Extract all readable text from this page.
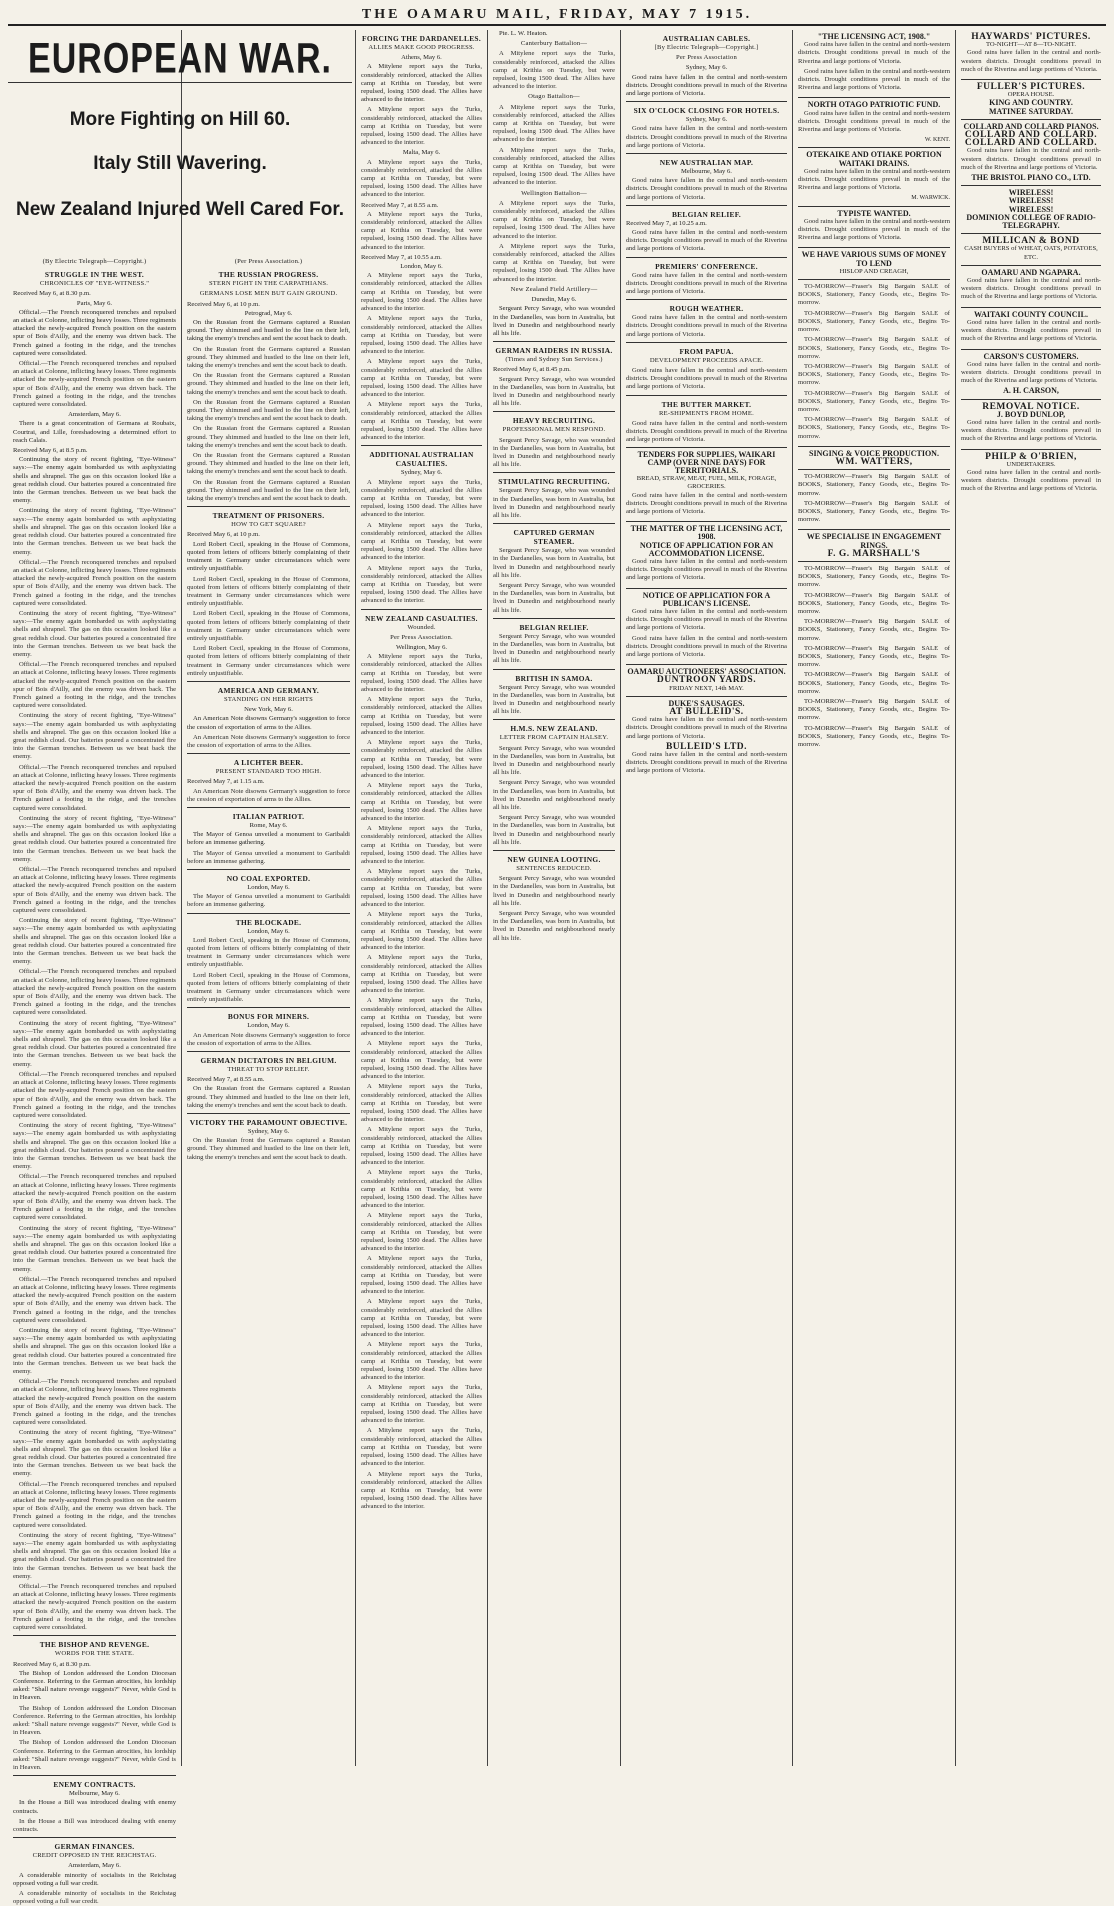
THE OAMARU MAIL, FRIDAY, MAY 7 1915.
EUROPEAN WAR.
More Fighting on Hill 60.
Italy Still Wavering.
New Zealand Injured Well Cared For.
(By Electric Telegraph—Copyright.)
STRUGGLE IN THE WEST.
CHRONICLES OF "EYE-WITNESS."
Received May 6, at 8.30 p.m.
Paris, May 6.

Official.—The French reconquered trenches and repulsed an attack at Colonne, inflicting heavy losses. Three regiments attacked the newly-acquired French position on the eastern spur of Bois d'Ailly, and the enemy was driven back. The French gained a footing in the ridge, and the trenches captured were consolidated.

Official.—The French reconquered trenches and repulsed an attack at Colonne, inflicting heavy losses. Three regiments attacked the newly-acquired French position on the eastern spur of Bois d'Ailly, and the enemy was driven back. The French gained a footing in the ridge, and the trenches captured were consolidated.

Amsterdam, May 6.

There is a great concentration of Germans at Roubaix, Courtrai, and Lille, foreshadowing a determined effort to reach Calais.

Received May 6, at 8.5 p.m.

Continuing the story of recent fighting, "Eye-Witness" says:—The enemy again bombarded us with asphyxiating shells and shrapnel. The gas on this occasion looked like a great reddish cloud. Our batteries poured a concentrated fire into the German trenches. Between us we beat back the enemy.

Continuing the story of recent fighting, "Eye-Witness" says:—The enemy again bombarded us with asphyxiating shells and shrapnel. The gas on this occasion looked like a great reddish cloud. Our batteries poured a concentrated fire into the German trenches. Between us we beat back the enemy.

Official.—The French reconquered trenches and repulsed an attack at Colonne, inflicting heavy losses. Three regiments attacked the newly-acquired French position on the eastern spur of Bois d'Ailly, and the enemy was driven back. The French gained a footing in the ridge, and the trenches captured were consolidated.

Continuing the story of recent fighting, "Eye-Witness" says:—The enemy again bombarded us with asphyxiating shells and shrapnel. The gas on this occasion looked like a great reddish cloud. Our batteries poured a concentrated fire into the German trenches. Between us we beat back the enemy.

Official.—The French reconquered trenches and repulsed an attack at Colonne, inflicting heavy losses. Three regiments attacked the newly-acquired French position on the eastern spur of Bois d'Ailly, and the enemy was driven back. The French gained a footing in the ridge, and the trenches captured were consolidated.

Continuing the story of recent fighting, "Eye-Witness" says:—The enemy again bombarded us with asphyxiating shells and shrapnel. The gas on this occasion looked like a great reddish cloud. Our batteries poured a concentrated fire into the German trenches. Between us we beat back the enemy.

Official.—The French reconquered trenches and repulsed an attack at Colonne, inflicting heavy losses. Three regiments attacked the newly-acquired French position on the eastern spur of Bois d'Ailly, and the enemy was driven back. The French gained a footing in the ridge, and the trenches captured were consolidated.

Continuing the story of recent fighting, "Eye-Witness" says:—The enemy again bombarded us with asphyxiating shells and shrapnel. The gas on this occasion looked like a great reddish cloud. Our batteries poured a concentrated fire into the German trenches. Between us we beat back the enemy.

Official.—The French reconquered trenches and repulsed an attack at Colonne, inflicting heavy losses. Three regiments attacked the newly-acquired French position on the eastern spur of Bois d'Ailly, and the enemy was driven back. The French gained a footing in the ridge, and the trenches captured were consolidated.

Continuing the story of recent fighting, "Eye-Witness" says:—The enemy again bombarded us with asphyxiating shells and shrapnel. The gas on this occasion looked like a great reddish cloud. Our batteries poured a concentrated fire into the German trenches. Between us we beat back the enemy.

Official.—The French reconquered trenches and repulsed an attack at Colonne, inflicting heavy losses. Three regiments attacked the newly-acquired French position on the eastern spur of Bois d'Ailly, and the enemy was driven back. The French gained a footing in the ridge, and the trenches captured were consolidated.

Continuing the story of recent fighting, "Eye-Witness" says:—The enemy again bombarded us with asphyxiating shells and shrapnel. The gas on this occasion looked like a great reddish cloud. Our batteries poured a concentrated fire into the German trenches. Between us we beat back the enemy.

Official.—The French reconquered trenches and repulsed an attack at Colonne, inflicting heavy losses. Three regiments attacked the newly-acquired French position on the eastern spur of Bois d'Ailly, and the enemy was driven back. The French gained a footing in the ridge, and the trenches captured were consolidated.

Continuing the story of recent fighting, "Eye-Witness" says:—The enemy again bombarded us with asphyxiating shells and shrapnel. The gas on this occasion looked like a great reddish cloud. Our batteries poured a concentrated fire into the German trenches. Between us we beat back the enemy.

Official.—The French reconquered trenches and repulsed an attack at Colonne, inflicting heavy losses. Three regiments attacked the newly-acquired French position on the eastern spur of Bois d'Ailly, and the enemy was driven back. The French gained a footing in the ridge, and the trenches captured were consolidated.

Continuing the story of recent fighting, "Eye-Witness" says:—The enemy again bombarded us with asphyxiating shells and shrapnel. The gas on this occasion looked like a great reddish cloud. Our batteries poured a concentrated fire into the German trenches. Between us we beat back the enemy.

Official.—The French reconquered trenches and repulsed an attack at Colonne, inflicting heavy losses. Three regiments attacked the newly-acquired French position on the eastern spur of Bois d'Ailly, and the enemy was driven back. The French gained a footing in the ridge, and the trenches captured were consolidated.

Continuing the story of recent fighting, "Eye-Witness" says:—The enemy again bombarded us with asphyxiating shells and shrapnel. The gas on this occasion looked like a great reddish cloud. Our batteries poured a concentrated fire into the German trenches. Between us we beat back the enemy.

Official.—The French reconquered trenches and repulsed an attack at Colonne, inflicting heavy losses. Three regiments attacked the newly-acquired French position on the eastern spur of Bois d'Ailly, and the enemy was driven back. The French gained a footing in the ridge, and the trenches captured were consolidated.

Continuing the story of recent fighting, "Eye-Witness" says:—The enemy again bombarded us with asphyxiating shells and shrapnel. The gas on this occasion looked like a great reddish cloud. Our batteries poured a concentrated fire into the German trenches. Between us we beat back the enemy.

Official.—The French reconquered trenches and repulsed an attack at Colonne, inflicting heavy losses. Three regiments attacked the newly-acquired French position on the eastern spur of Bois d'Ailly, and the enemy was driven back. The French gained a footing in the ridge, and the trenches captured were consolidated.

Continuing the story of recent fighting, "Eye-Witness" says:—The enemy again bombarded us with asphyxiating shells and shrapnel. The gas on this occasion looked like a great reddish cloud. Our batteries poured a concentrated fire into the German trenches. Between us we beat back the enemy.

Official.—The French reconquered trenches and repulsed an attack at Colonne, inflicting heavy losses. Three regiments attacked the newly-acquired French position on the eastern spur of Bois d'Ailly, and the enemy was driven back. The French gained a footing in the ridge, and the trenches captured were consolidated.

THE BISHOP AND REVENGE.
WORDS FOR THE STATE.
Received May 6, at 8.30 p.m.

The Bishop of London addressed the London Diocesan Conference. Referring to the German atrocities, his lordship asked: "Shall nature revenge suggests?" Never, while God is in Heaven.

The Bishop of London addressed the London Diocesan Conference. Referring to the German atrocities, his lordship asked: "Shall nature revenge suggests?" Never, while God is in Heaven.

The Bishop of London addressed the London Diocesan Conference. Referring to the German atrocities, his lordship asked: "Shall nature revenge suggests?" Never, while God is in Heaven.

ENEMY CONTRACTS.
Melbourne, May 6.

In the House a Bill was introduced dealing with enemy contracts.

In the House a Bill was introduced dealing with enemy contracts.

GERMAN FINANCES.
CREDIT OPPOSED IN THE REICHSTAG.
Amsterdam, May 6.

A considerable minority of socialists in the Reichstag opposed voting a full war credit.

A considerable minority of socialists in the Reichstag opposed voting a full war credit.

(Per Press Association.)
THE RUSSIAN PROGRESS.
STERN FIGHT IN THE CARPATHIANS.
GERMANS LOSE MEN BUT GAIN GROUND.
Received May 6, at 10 p.m.
Petrograd, May 6.

On the Russian front the Germans captured a Russian ground. They shimmed and hustled to the line on their left, taking the enemy's trenches and sent the scout back to death.

On the Russian front the Germans captured a Russian ground. They shimmed and hustled to the line on their left, taking the enemy's trenches and sent the scout back to death.

On the Russian front the Germans captured a Russian ground. They shimmed and hustled to the line on their left, taking the enemy's trenches and sent the scout back to death.

On the Russian front the Germans captured a Russian ground. They shimmed and hustled to the line on their left, taking the enemy's trenches and sent the scout back to death.

On the Russian front the Germans captured a Russian ground. They shimmed and hustled to the line on their left, taking the enemy's trenches and sent the scout back to death.

On the Russian front the Germans captured a Russian ground. They shimmed and hustled to the line on their left, taking the enemy's trenches and sent the scout back to death.

On the Russian front the Germans captured a Russian ground. They shimmed and hustled to the line on their left, taking the enemy's trenches and sent the scout back to death.

TREATMENT OF PRISONERS.
HOW TO GET SQUARE?
Received May 6, at 10 p.m.

Lord Robert Cecil, speaking in the House of Commons, quoted from letters of officers bitterly complaining of their treatment in Germany under circumstances which were entirely unjustifiable.

Lord Robert Cecil, speaking in the House of Commons, quoted from letters of officers bitterly complaining of their treatment in Germany under circumstances which were entirely unjustifiable.

Lord Robert Cecil, speaking in the House of Commons, quoted from letters of officers bitterly complaining of their treatment in Germany under circumstances which were entirely unjustifiable.

Lord Robert Cecil, speaking in the House of Commons, quoted from letters of officers bitterly complaining of their treatment in Germany under circumstances which were entirely unjustifiable.

AMERICA AND GERMANY.
STANDING ON HER RIGHTS
New York, May 6.

An American Note disowns Germany's suggestion to force the cession of exportation of arms to the Allies.

An American Note disowns Germany's suggestion to force the cession of exportation of arms to the Allies.

A LICHTER BEER.
PRESENT STANDARD TOO HIGH.
Received May 7, at 1.15 a.m.

An American Note disowns Germany's suggestion to force the cession of exportation of arms to the Allies.

ITALIAN PATRIOT.
Rome, May 6.

The Mayor of Genoa unveiled a monument to Garibaldi before an immense gathering.

The Mayor of Genoa unveiled a monument to Garibaldi before an immense gathering.

NO COAL EXPORTED.
London, May 6.

The Mayor of Genoa unveiled a monument to Garibaldi before an immense gathering.

THE BLOCKADE.
London, May 6.

Lord Robert Cecil, speaking in the House of Commons, quoted from letters of officers bitterly complaining of their treatment in Germany under circumstances which were entirely unjustifiable.

Lord Robert Cecil, speaking in the House of Commons, quoted from letters of officers bitterly complaining of their treatment in Germany under circumstances which were entirely unjustifiable.

BONUS FOR MINERS.
London, May 6.

An American Note disowns Germany's suggestion to force the cession of exportation of arms to the Allies.

GERMAN DICTATORS IN BELGIUM.
THREAT TO STOP RELIEF.
Received May 7, at 8.55 a.m.

On the Russian front the Germans captured a Russian ground. They shimmed and hustled to the line on their left, taking the enemy's trenches and sent the scout back to death.

VICTORY THE PARAMOUNT OBJECTIVE.
Sydney, May 6.

On the Russian front the Germans captured a Russian ground. They shimmed and hustled to the line on their left, taking the enemy's trenches and sent the scout back to death.

FORCING THE DARDANELLES.
ALLIES MAKE GOOD PROGRESS.
Athens, May 6.

A Mitylene report says the Turks, considerably reinforced, attacked the Allies camp at Krithia on Tuesday, but were repulsed, losing 1500 dead. The Allies have advanced to the interior.

A Mitylene report says the Turks, considerably reinforced, attacked the Allies camp at Krithia on Tuesday, but were repulsed, losing 1500 dead. The Allies have advanced to the interior.

Malta, May 6.

A Mitylene report says the Turks, considerably reinforced, attacked the Allies camp at Krithia on Tuesday, but were repulsed, losing 1500 dead. The Allies have advanced to the interior.

Received May 7, at 8.55 a.m.

A Mitylene report says the Turks, considerably reinforced, attacked the Allies camp at Krithia on Tuesday, but were repulsed, losing 1500 dead. The Allies have advanced to the interior.

Received May 7, at 10.55 a.m.
London, May 6.

A Mitylene report says the Turks, considerably reinforced, attacked the Allies camp at Krithia on Tuesday, but were repulsed, losing 1500 dead. The Allies have advanced to the interior.

A Mitylene report says the Turks, considerably reinforced, attacked the Allies camp at Krithia on Tuesday, but were repulsed, losing 1500 dead. The Allies have advanced to the interior.

A Mitylene report says the Turks, considerably reinforced, attacked the Allies camp at Krithia on Tuesday, but were repulsed, losing 1500 dead. The Allies have advanced to the interior.

A Mitylene report says the Turks, considerably reinforced, attacked the Allies camp at Krithia on Tuesday, but were repulsed, losing 1500 dead. The Allies have advanced to the interior.

ADDITIONAL AUSTRALIAN CASUALTIES.
Sydney, May 6.

A Mitylene report says the Turks, considerably reinforced, attacked the Allies camp at Krithia on Tuesday, but were repulsed, losing 1500 dead. The Allies have advanced to the interior.

A Mitylene report says the Turks, considerably reinforced, attacked the Allies camp at Krithia on Tuesday, but were repulsed, losing 1500 dead. The Allies have advanced to the interior.

A Mitylene report says the Turks, considerably reinforced, attacked the Allies camp at Krithia on Tuesday, but were repulsed, losing 1500 dead. The Allies have advanced to the interior.

NEW ZEALAND CASUALTIES.
Wounded.
Per Press Association.
Wellington, May 6.

A Mitylene report says the Turks, considerably reinforced, attacked the Allies camp at Krithia on Tuesday, but were repulsed, losing 1500 dead. The Allies have advanced to the interior.

A Mitylene report says the Turks, considerably reinforced, attacked the Allies camp at Krithia on Tuesday, but were repulsed, losing 1500 dead. The Allies have advanced to the interior.

A Mitylene report says the Turks, considerably reinforced, attacked the Allies camp at Krithia on Tuesday, but were repulsed, losing 1500 dead. The Allies have advanced to the interior.

A Mitylene report says the Turks, considerably reinforced, attacked the Allies camp at Krithia on Tuesday, but were repulsed, losing 1500 dead. The Allies have advanced to the interior.

A Mitylene report says the Turks, considerably reinforced, attacked the Allies camp at Krithia on Tuesday, but were repulsed, losing 1500 dead. The Allies have advanced to the interior.

A Mitylene report says the Turks, considerably reinforced, attacked the Allies camp at Krithia on Tuesday, but were repulsed, losing 1500 dead. The Allies have advanced to the interior.

A Mitylene report says the Turks, considerably reinforced, attacked the Allies camp at Krithia on Tuesday, but were repulsed, losing 1500 dead. The Allies have advanced to the interior.

A Mitylene report says the Turks, considerably reinforced, attacked the Allies camp at Krithia on Tuesday, but were repulsed, losing 1500 dead. The Allies have advanced to the interior.

A Mitylene report says the Turks, considerably reinforced, attacked the Allies camp at Krithia on Tuesday, but were repulsed, losing 1500 dead. The Allies have advanced to the interior.

A Mitylene report says the Turks, considerably reinforced, attacked the Allies camp at Krithia on Tuesday, but were repulsed, losing 1500 dead. The Allies have advanced to the interior.

A Mitylene report says the Turks, considerably reinforced, attacked the Allies camp at Krithia on Tuesday, but were repulsed, losing 1500 dead. The Allies have advanced to the interior.

A Mitylene report says the Turks, considerably reinforced, attacked the Allies camp at Krithia on Tuesday, but were repulsed, losing 1500 dead. The Allies have advanced to the interior.

A Mitylene report says the Turks, considerably reinforced, attacked the Allies camp at Krithia on Tuesday, but were repulsed, losing 1500 dead. The Allies have advanced to the interior.

A Mitylene report says the Turks, considerably reinforced, attacked the Allies camp at Krithia on Tuesday, but were repulsed, losing 1500 dead. The Allies have advanced to the interior.

A Mitylene report says the Turks, considerably reinforced, attacked the Allies camp at Krithia on Tuesday, but were repulsed, losing 1500 dead. The Allies have advanced to the interior.

A Mitylene report says the Turks, considerably reinforced, attacked the Allies camp at Krithia on Tuesday, but were repulsed, losing 1500 dead. The Allies have advanced to the interior.

A Mitylene report says the Turks, considerably reinforced, attacked the Allies camp at Krithia on Tuesday, but were repulsed, losing 1500 dead. The Allies have advanced to the interior.

A Mitylene report says the Turks, considerably reinforced, attacked the Allies camp at Krithia on Tuesday, but were repulsed, losing 1500 dead. The Allies have advanced to the interior.

A Mitylene report says the Turks, considerably reinforced, attacked the Allies camp at Krithia on Tuesday, but were repulsed, losing 1500 dead. The Allies have advanced to the interior.

A Mitylene report says the Turks, considerably reinforced, attacked the Allies camp at Krithia on Tuesday, but were repulsed, losing 1500 dead. The Allies have advanced to the interior.

Pte. L. W. Heaton.

Canterbury Battalion—

A Mitylene report says the Turks, considerably reinforced, attacked the Allies camp at Krithia on Tuesday, but were repulsed, losing 1500 dead. The Allies have advanced to the interior.

Otago Battalion—

A Mitylene report says the Turks, considerably reinforced, attacked the Allies camp at Krithia on Tuesday, but were repulsed, losing 1500 dead. The Allies have advanced to the interior.

A Mitylene report says the Turks, considerably reinforced, attacked the Allies camp at Krithia on Tuesday, but were repulsed, losing 1500 dead. The Allies have advanced to the interior.

Wellington Battalion—

A Mitylene report says the Turks, considerably reinforced, attacked the Allies camp at Krithia on Tuesday, but were repulsed, losing 1500 dead. The Allies have advanced to the interior.

A Mitylene report says the Turks, considerably reinforced, attacked the Allies camp at Krithia on Tuesday, but were repulsed, losing 1500 dead. The Allies have advanced to the interior.

New Zealand Field Artillery—
Dunedin, May 6.

Sergeant Percy Savage, who was wounded in the Dardanelles, was born in Australia, but lived in Dunedin and neighbourhood nearly all his life.

GERMAN RAIDERS IN RUSSIA.
(Times and Sydney Sun Services.)
Received May 6, at 8.45 p.m.

Sergeant Percy Savage, who was wounded in the Dardanelles, was born in Australia, but lived in Dunedin and neighbourhood nearly all his life.

HEAVY RECRUITING.
PROFESSIONAL MEN RESPOND.

Sergeant Percy Savage, who was wounded in the Dardanelles, was born in Australia, but lived in Dunedin and neighbourhood nearly all his life.

STIMULATING RECRUITING.

Sergeant Percy Savage, who was wounded in the Dardanelles, was born in Australia, but lived in Dunedin and neighbourhood nearly all his life.

CAPTURED GERMAN STEAMER.

Sergeant Percy Savage, who was wounded in the Dardanelles, was born in Australia, but lived in Dunedin and neighbourhood nearly all his life.

Sergeant Percy Savage, who was wounded in the Dardanelles, was born in Australia, but lived in Dunedin and neighbourhood nearly all his life.

BELGIAN RELIEF.

Sergeant Percy Savage, who was wounded in the Dardanelles, was born in Australia, but lived in Dunedin and neighbourhood nearly all his life.

BRITISH IN SAMOA.

Sergeant Percy Savage, who was wounded in the Dardanelles, was born in Australia, but lived in Dunedin and neighbourhood nearly all his life.

H.M.S. NEW ZEALAND.
LETTER FROM CAPTAIN HALSEY.

Sergeant Percy Savage, who was wounded in the Dardanelles, was born in Australia, but lived in Dunedin and neighbourhood nearly all his life.

Sergeant Percy Savage, who was wounded in the Dardanelles, was born in Australia, but lived in Dunedin and neighbourhood nearly all his life.

Sergeant Percy Savage, who was wounded in the Dardanelles, was born in Australia, but lived in Dunedin and neighbourhood nearly all his life.

NEW GUINEA LOOTING.
SENTENCES REDUCED.

Sergeant Percy Savage, who was wounded in the Dardanelles, was born in Australia, but lived in Dunedin and neighbourhood nearly all his life.

Sergeant Percy Savage, who was wounded in the Dardanelles, was born in Australia, but lived in Dunedin and neighbourhood nearly all his life.

AUSTRALIAN CABLES.
[By Electric Telegraph—Copyright.]
Per Press Association
Sydney, May 6.

Good rains have fallen in the central and north-western districts. Drought conditions prevail in much of the Riverina and large portions of Victoria.

SIX O'CLOCK CLOSING FOR HOTELS.
Sydney, May 6.

Good rains have fallen in the central and north-western districts. Drought conditions prevail in much of the Riverina and large portions of Victoria.

NEW AUSTRALIAN MAP.
Melbourne, May 6.

Good rains have fallen in the central and north-western districts. Drought conditions prevail in much of the Riverina and large portions of Victoria.

BELGIAN RELIEF.
Received May 7, at 10.25 a.m.

Good rains have fallen in the central and north-western districts. Drought conditions prevail in much of the Riverina and large portions of Victoria.

PREMIERS' CONFERENCE.

Good rains have fallen in the central and north-western districts. Drought conditions prevail in much of the Riverina and large portions of Victoria.

ROUGH WEATHER.

Good rains have fallen in the central and north-western districts. Drought conditions prevail in much of the Riverina and large portions of Victoria.

FROM PAPUA.
DEVELOPMENT PROCEEDS APACE.

Good rains have fallen in the central and north-western districts. Drought conditions prevail in much of the Riverina and large portions of Victoria.

THE BUTTER MARKET.
RE-SHIPMENTS FROM HOME.

Good rains have fallen in the central and north-western districts. Drought conditions prevail in much of the Riverina and large portions of Victoria.

TENDERS FOR SUPPLIES, WAIKARI CAMP (OVER NINE DAYS) FOR TERRITORIALS.
BREAD, STRAW, MEAT, FUEL, MILK, FORAGE, GROCERIES.

Good rains have fallen in the central and north-western districts. Drought conditions prevail in much of the Riverina and large portions of Victoria.

THE MATTER OF THE LICENSING ACT, 1908.
NOTICE OF APPLICATION FOR AN ACCOMMODATION LICENSE.

Good rains have fallen in the central and north-western districts. Drought conditions prevail in much of the Riverina and large portions of Victoria.

NOTICE OF APPLICATION FOR A PUBLICAN'S LICENSE.

Good rains have fallen in the central and north-western districts. Drought conditions prevail in much of the Riverina and large portions of Victoria.

Good rains have fallen in the central and north-western districts. Drought conditions prevail in much of the Riverina and large portions of Victoria.

OAMARU AUCTIONEERS' ASSOCIATION.
DUNTROON YARDS.
FRIDAY NEXT, 14th MAY.
DUKE'S SAUSAGES.
AT BULLEID'S.

Good rains have fallen in the central and north-western districts. Drought conditions prevail in much of the Riverina and large portions of Victoria.

BULLEID'S LTD.

Good rains have fallen in the central and north-western districts. Drought conditions prevail in much of the Riverina and large portions of Victoria.

"THE LICENSING ACT, 1908."

Good rains have fallen in the central and north-western districts. Drought conditions prevail in much of the Riverina and large portions of Victoria.

Good rains have fallen in the central and north-western districts. Drought conditions prevail in much of the Riverina and large portions of Victoria.

NORTH OTAGO PATRIOTIC FUND.

Good rains have fallen in the central and north-western districts. Drought conditions prevail in much of the Riverina and large portions of Victoria.

W. KENT.
OTEKAIKE AND OTIAKE PORTION WAITAKI DRAINS.

Good rains have fallen in the central and north-western districts. Drought conditions prevail in much of the Riverina and large portions of Victoria.

M. WARWICK.
TYPISTE WANTED.

Good rains have fallen in the central and north-western districts. Drought conditions prevail in much of the Riverina and large portions of Victoria.

WE HAVE VARIOUS SUMS OF MONEY TO LEND
HISLOP AND CREAGH,

TO-MORROW—Fraser's Big Bargain SALE of BOOKS, Stationery, Fancy Goods, etc., Begins To-morrow.

TO-MORROW—Fraser's Big Bargain SALE of BOOKS, Stationery, Fancy Goods, etc., Begins To-morrow.

TO-MORROW—Fraser's Big Bargain SALE of BOOKS, Stationery, Fancy Goods, etc., Begins To-morrow.

TO-MORROW—Fraser's Big Bargain SALE of BOOKS, Stationery, Fancy Goods, etc., Begins To-morrow.

TO-MORROW—Fraser's Big Bargain SALE of BOOKS, Stationery, Fancy Goods, etc., Begins To-morrow.

TO-MORROW—Fraser's Big Bargain SALE of BOOKS, Stationery, Fancy Goods, etc., Begins To-morrow.

SINGING & VOICE PRODUCTION.
WM. WATTERS,

TO-MORROW—Fraser's Big Bargain SALE of BOOKS, Stationery, Fancy Goods, etc., Begins To-morrow.

TO-MORROW—Fraser's Big Bargain SALE of BOOKS, Stationery, Fancy Goods, etc., Begins To-morrow.

WE SPECIALISE IN ENGAGEMENT RINGS.
F. G. MARSHALL'S

TO-MORROW—Fraser's Big Bargain SALE of BOOKS, Stationery, Fancy Goods, etc., Begins To-morrow.

TO-MORROW—Fraser's Big Bargain SALE of BOOKS, Stationery, Fancy Goods, etc., Begins To-morrow.

TO-MORROW—Fraser's Big Bargain SALE of BOOKS, Stationery, Fancy Goods, etc., Begins To-morrow.

TO-MORROW—Fraser's Big Bargain SALE of BOOKS, Stationery, Fancy Goods, etc., Begins To-morrow.

TO-MORROW—Fraser's Big Bargain SALE of BOOKS, Stationery, Fancy Goods, etc., Begins To-morrow.

TO-MORROW—Fraser's Big Bargain SALE of BOOKS, Stationery, Fancy Goods, etc., Begins To-morrow.

TO-MORROW—Fraser's Big Bargain SALE of BOOKS, Stationery, Fancy Goods, etc., Begins To-morrow.

HAYWARDS' PICTURES.
TO-NIGHT—AT 8—TO-NIGHT.

Good rains have fallen in the central and north-western districts. Drought conditions prevail in much of the Riverina and large portions of Victoria.

FULLER'S PICTURES.
OPERA HOUSE.
KING AND COUNTRY.
MATINEE SATURDAY.
COLLARD AND COLLARD PIANOS.
COLLARD AND COLLARD.
COLLARD AND COLLARD.

Good rains have fallen in the central and north-western districts. Drought conditions prevail in much of the Riverina and large portions of Victoria.

THE BRISTOL PIANO CO., LTD.
WIRELESS!
WIRELESS!
WIRELESS!
DOMINION COLLEGE OF RADIO-TELEGRAPHY.
MILLICAN & BOND
CASH BUYERS of WHEAT, OATS, POTATOES, ETC.
OAMARU AND NGAPARA.

Good rains have fallen in the central and north-western districts. Drought conditions prevail in much of the Riverina and large portions of Victoria.

WAITAKI COUNTY COUNCIL.

Good rains have fallen in the central and north-western districts. Drought conditions prevail in much of the Riverina and large portions of Victoria.

CARSON'S CUSTOMERS.

Good rains have fallen in the central and north-western districts. Drought conditions prevail in much of the Riverina and large portions of Victoria.

A. H. CARSON,
REMOVAL NOTICE.
J. BOYD DUNLOP,

Good rains have fallen in the central and north-western districts. Drought conditions prevail in much of the Riverina and large portions of Victoria.

PHILP & O'BRIEN,
UNDERTAKERS.

Good rains have fallen in the central and north-western districts. Drought conditions prevail in much of the Riverina and large portions of Victoria.
